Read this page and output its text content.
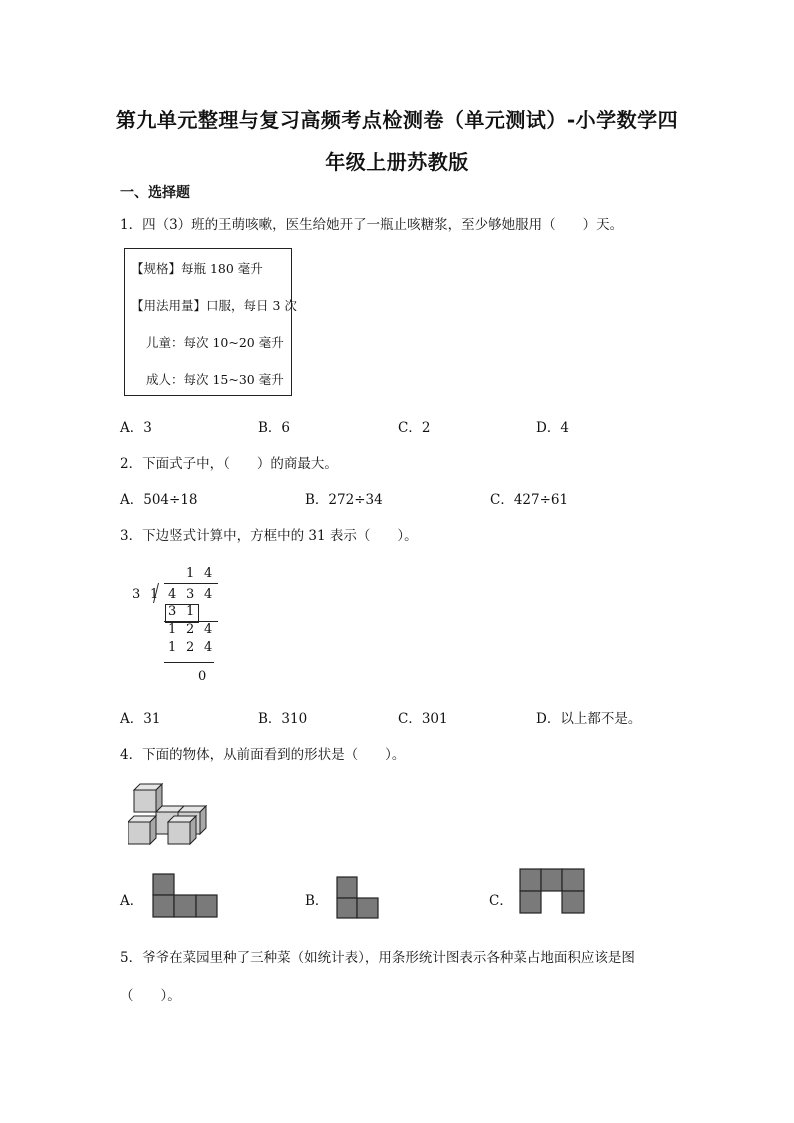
第九单元整理与复习高频考点检测卷（单元测试）-小学数学四
年级上册苏教版
一、选择题
1．四（3）班的王萌咳嗽，医生给她开了一瓶止咳糖浆，至少够她服用（　　）天。
【规格】每瓶 180 毫升
【用法用量】口服，每日 3 次
儿童：每次 10~20 毫升
成人：每次 15~30 毫升
A．3	B．6	C．2	D．4
2．下面式子中，（　　）的商最大。
A．504÷18	B．272÷34	C．427÷61
3．下边竖式计算中，方框中的 31 表示（　　）。
1 4
3 1 4 3 4
3 1
1 2 4
1 2 4
0
A．31	B．310	C．301	D．以上都不是。
4．下面的物体，从前面看到的形状是（　　）。
A．	B．	C．
5．爷爷在菜园里种了三种菜（如统计表），用条形统计图表示各种菜占地面积应该是图
（　　）。
